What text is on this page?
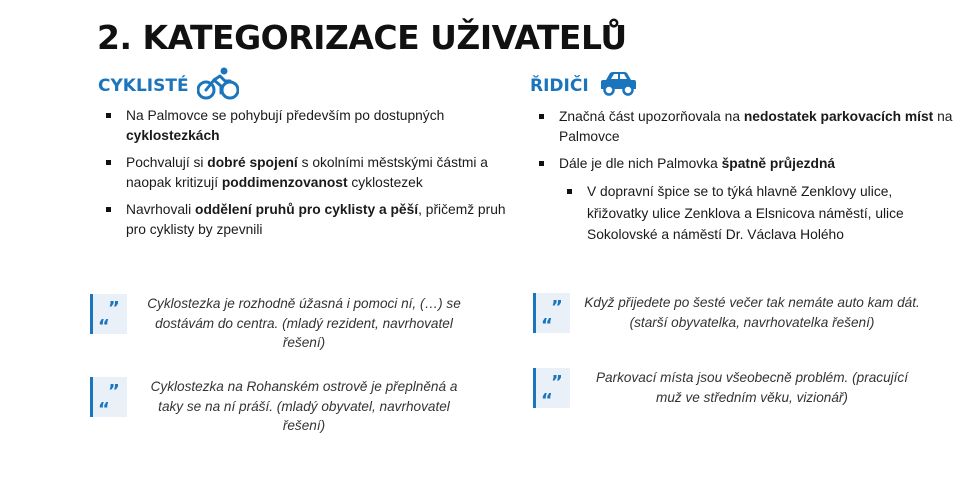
2. KATEGORIZACE UŽIVATELŮ
CYKLISTÉ
Na Palmovce se pohybují především po dostupných cyklostezkách
Pochvalují si dobré spojení s okolními městskými částmi a naopak kritizují poddimenzovanost cyklostezek
Navrhovali oddělení pruhů pro cyklisty a pěší, přičemž pruh pro cyklisty by zpevnili
”
“

Cyklostezka je rozhodně úžasná i pomoci ní, (…) se dostávám do centra. (mladý rezident, navrhovatel řešení)

”
“

Cyklostezka na Rohanském ostrově je přeplněná a taky se na ní práší. (mladý obyvatel, navrhovatel řešení)

ŘIDIČI
Značná část upozorňovala na nedostatek parkovacích míst na Palmovce
Dále je dle nich Palmovka špatně průjezdná
V dopravní špice se to týká hlavně Zenklovy ulice, křižovatky ulice Zenklova a Elsnicova náměstí, ulice Sokolovské a náměstí Dr. Václava Holého
”
“

Když přijedete po šesté večer tak nemáte auto kam dát. (starší obyvatelka, navrhovatelka řešení)

”
“

Parkovací místa jsou všeobecně problém. (pracující muž ve středním věku, vizionář)
